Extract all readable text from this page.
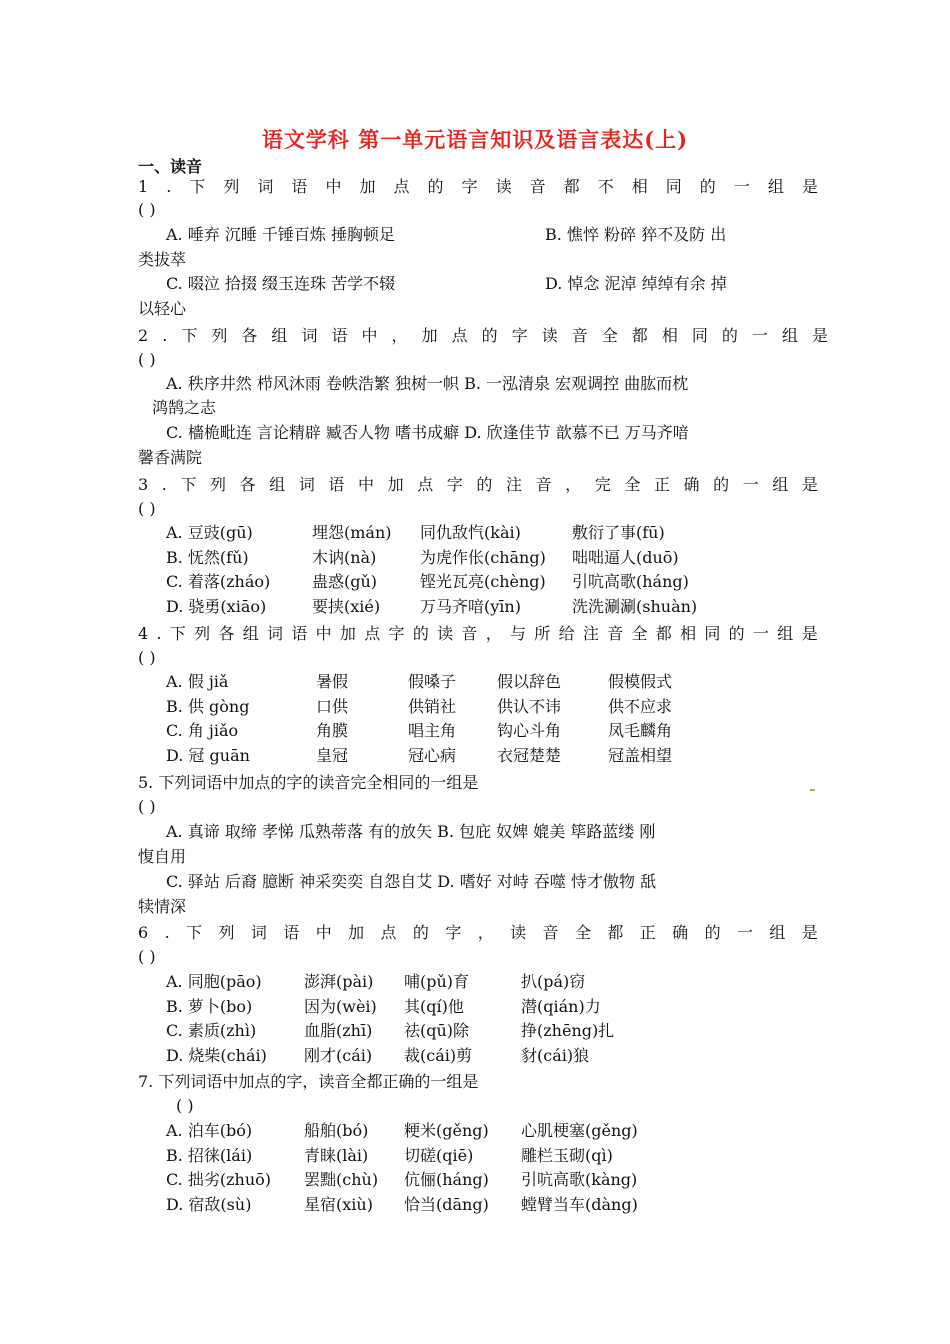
语文学科 第一单元语言知识及语言表达(上)
一、读音
1 . 下 列 词 语 中 加 点 的 字 读 音 都 不 相 同 的 一 组 是
( )
A. 唾弃 沉睡 千锤百炼 捶胸顿足	B. 憔悴 粉碎 猝不及防 出
类拔萃
C. 啜泣 拾掇 缀玉连珠 苦学不辍	D. 悼念 泥淖 绰绰有余 掉
以轻心
2 . 下 列 各 组 词 语 中 ， 加 点 的 字 读 音 全 都 相 同 的 一 组 是
( )
A. 秩序井然 栉风沐雨 卷帙浩繁 独树一帜 B. 一泓清泉 宏观调控 曲肱而枕
鸿鹄之志
C. 檣桅毗连 言论精辟 臧否人物 嗜书成癖 D. 欣逢佳节 歆慕不已 万马齐喑
馨香满院
3 . 下 列 各 组 词 语 中 加 点 字 的 注 音 ， 完 全 正 确 的 一 组 是
( )
A. 豆豉(gū)	埋怨(mán) 同仇敌忾(kài)	敷衍了事(fū)
B. 怃然(fǔ)	木讷(nà)	为虎作伥(chāng) 咄咄逼人(duō)
C. 着落(zháo)	蛊惑(gǔ)	铿光瓦亮(chèng) 引吭高歌(háng)
D. 骁勇(xiāo)	要挟(xié) 万马齐喑(yīn)	洗洗涮涮(shuàn)
4 . 下 列 各 组 词 语 中 加 点 字 的 读 音 ， 与 所 给 注 音 全 都 相 同 的 一 组 是
( )
A. 假 jiǎ	暑假	假嗓子	假以辞色	假模假式
B. 供 gòng	口供	供销社	供认不讳	供不应求
C. 角 jiǎo	角膜	唱主角	钩心斗角	凤毛麟角
D. 冠 guān	皇冠	冠心病	衣冠楚楚	冠盖相望
5. 下列词语中加点的字的读音完全相同的一组是
( )
A. 真谛 取缔 孝悌 瓜熟蒂落 有的放矢 B. 包庇 奴婢 媲美 筚路蓝缕 刚
愎自用
C. 驿站 后裔 臆断 神采奕奕 自怨自艾 D. 嗜好 对峙 吞噬 恃才傲物 舐
犊情深
6 . 下 列 词 语 中 加 点 的 字 ， 读 音 全 都 正 确 的 一 组 是
( )
A. 同胞(pāo)	澎湃(pài) 哺(pǔ)育	扒(pá)窃
B. 萝卜(bo)	因为(wèi) 其(qí)他	潜(qián)力
C. 素质(zhì)	血脂(zhī) 祛(qū)除	挣(zhēng)扎
D. 烧柴(chái) 刚才(cái) 裁(cái)剪	豺(cái)狼
7. 下列词语中加点的字，读音全都正确的一组是
( )
A. 泊车(bó)	船舶(bó) 粳米(gěng) 心肌梗塞(gěng)
B. 招徕(lái)	青睐(lài) 切磋(qiē)	雕栏玉砌(qì)
C. 拙劣(zhuō) 罢黜(chù) 伉俪(háng) 引吭高歌(kàng)
D. 宿敌(sù)	星宿(xiù) 恰当(dāng) 螳臂当车(dàng)
